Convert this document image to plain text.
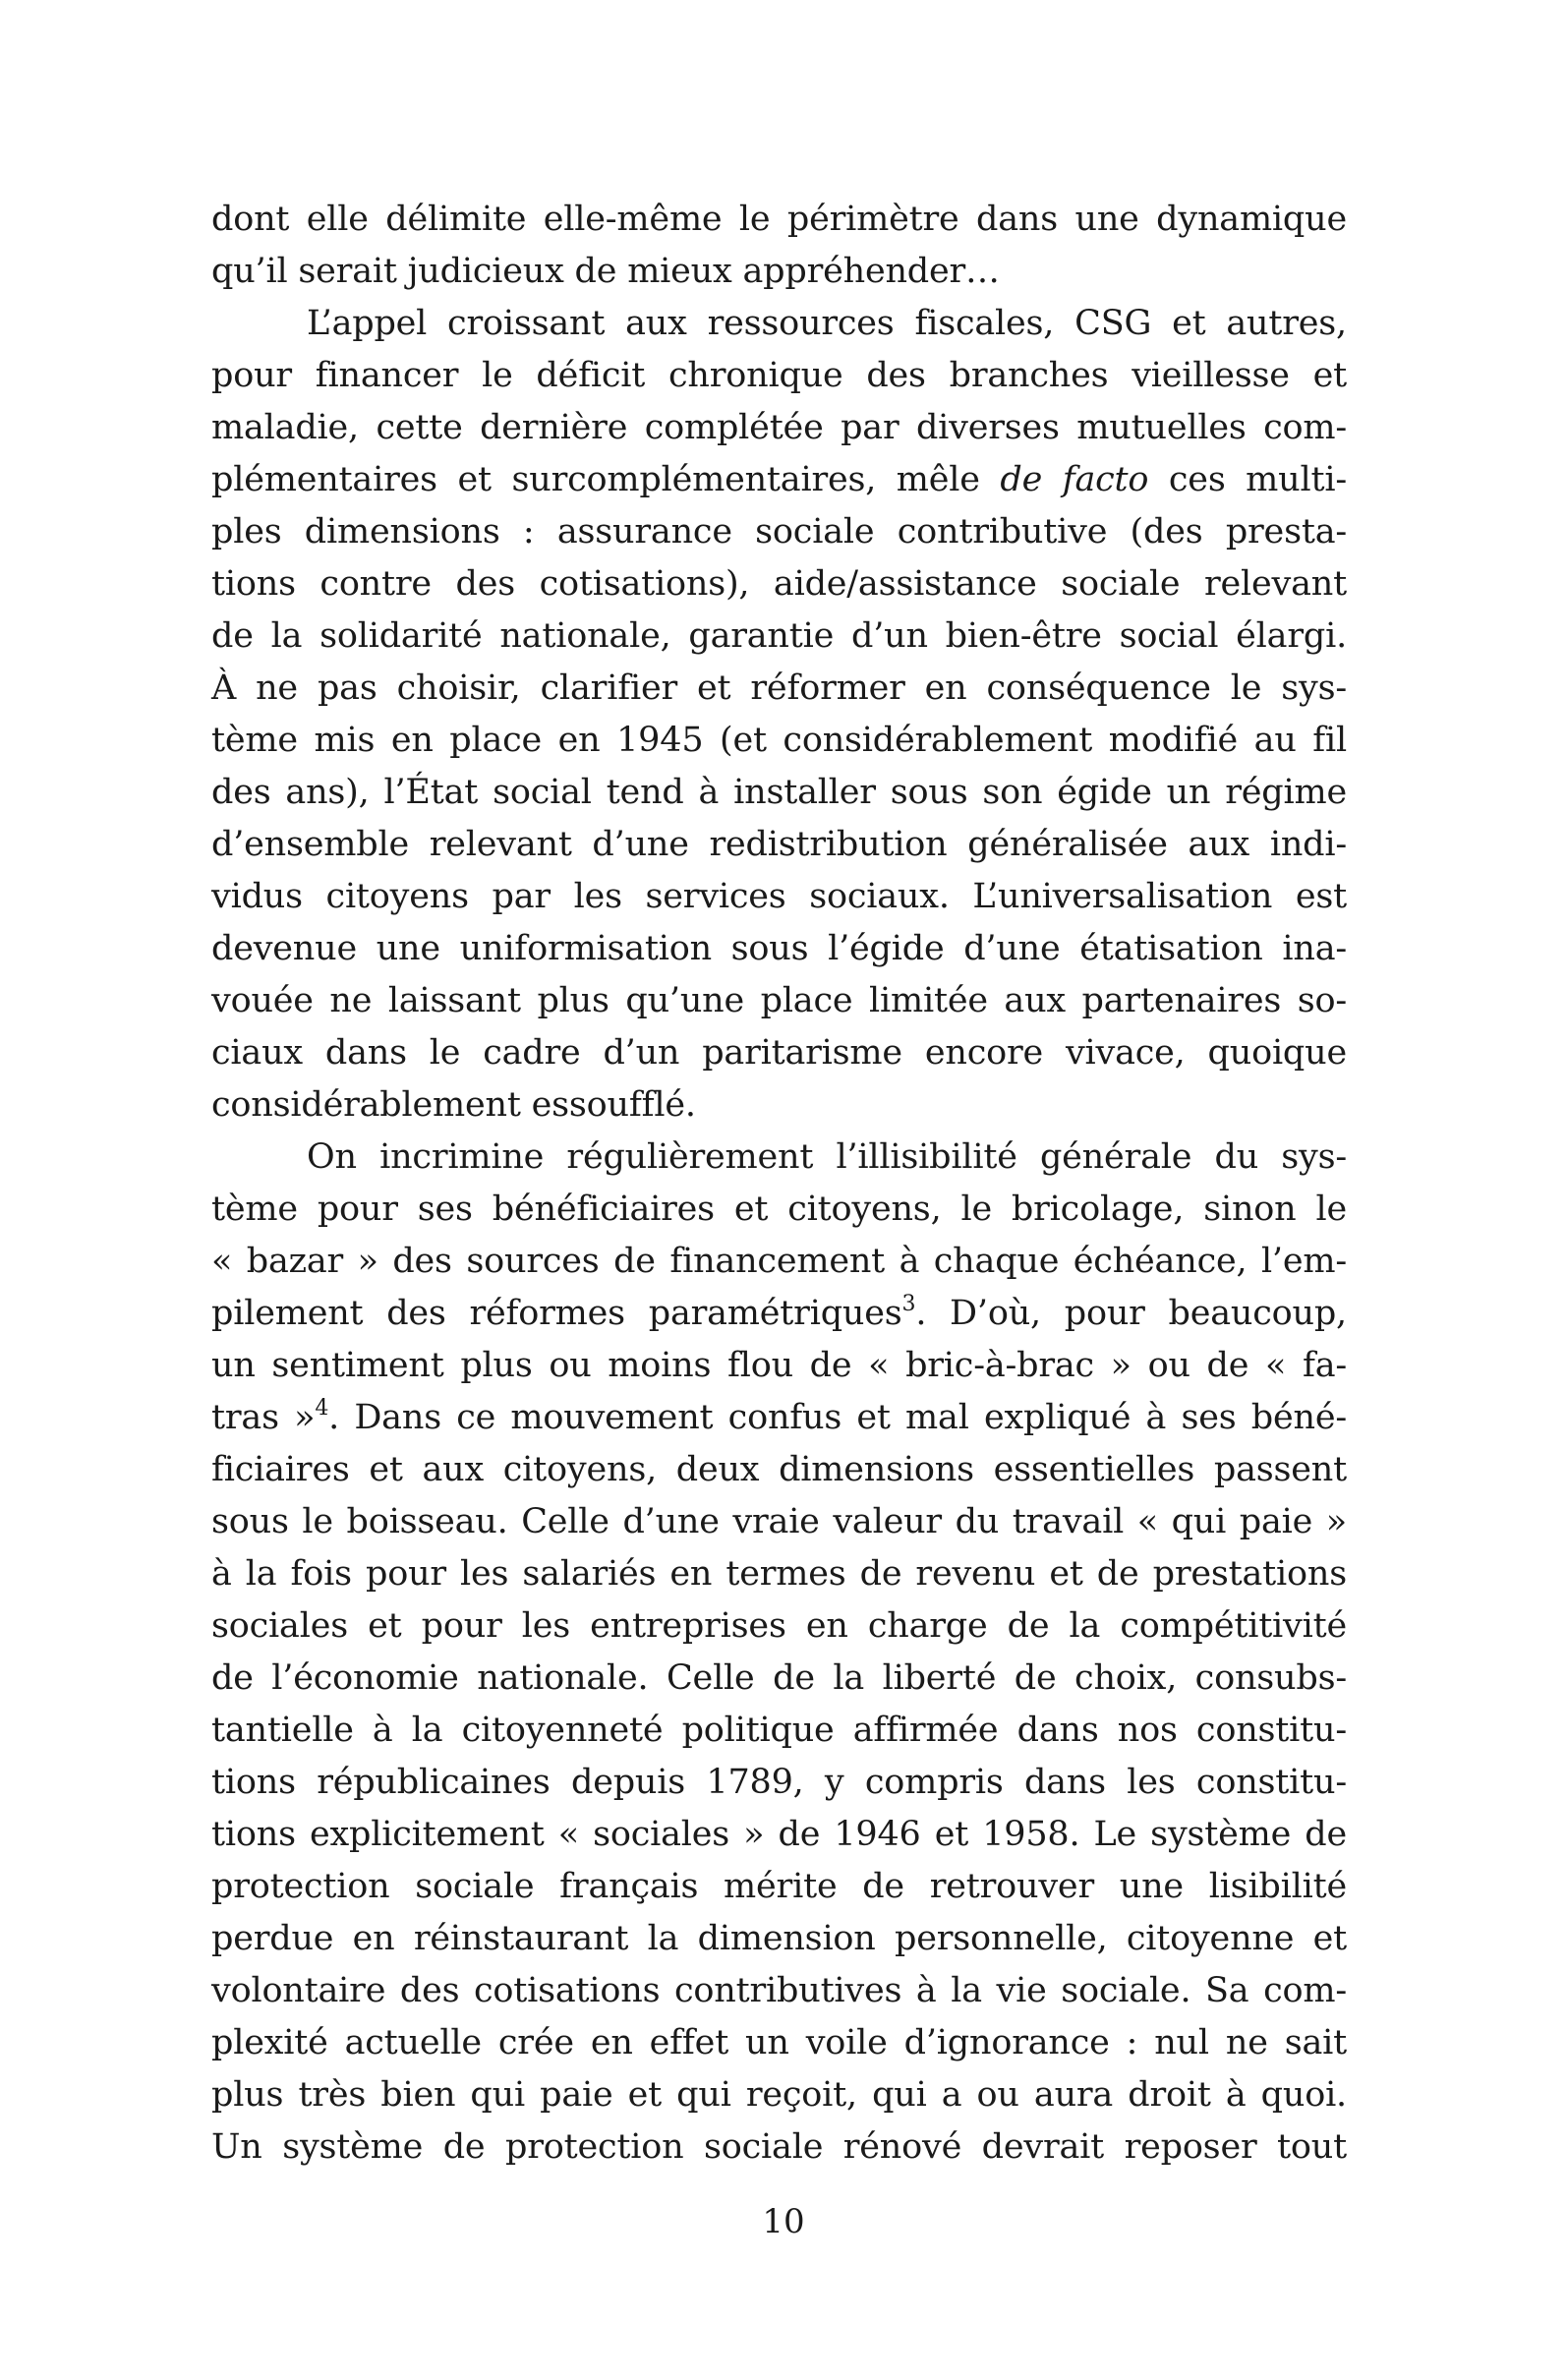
dont elle délimite elle-même le périmètre dans une dynamique
qu’il serait judicieux de mieux appréhender…
L’appel croissant aux ressources fiscales, CSG et autres,
pour financer le déficit chronique des branches vieillesse et
maladie, cette dernière complétée par diverses mutuelles com-
plémentaires et surcomplémentaires, mêle de facto ces multi-
ples dimensions : assurance sociale contributive (des presta-
tions contre des cotisations), aide/assistance sociale relevant
de la solidarité nationale, garantie d’un bien-être social élargi.
À ne pas choisir, clarifier et réformer en conséquence le sys-
tème mis en place en 1945 (et considérablement modifié au fil
des ans), l’État social tend à installer sous son égide un régime
d’ensemble relevant d’une redistribution généralisée aux indi-
vidus citoyens par les services sociaux. L’universalisation est
devenue une uniformisation sous l’égide d’une étatisation ina-
vouée ne laissant plus qu’une place limitée aux partenaires so-
ciaux dans le cadre d’un paritarisme encore vivace, quoique
considérablement essoufflé.
On incrimine régulièrement l’illisibilité générale du sys-
tème pour ses bénéficiaires et citoyens, le bricolage, sinon le
« bazar » des sources de financement à chaque échéance, l’em-
pilement des réformes paramétriques$^3$. D’où, pour beaucoup,
un sentiment plus ou moins flou de « bric-à-brac » ou de « fa-
tras »$^4$. Dans ce mouvement confus et mal expliqué à ses béné-
ficiaires et aux citoyens, deux dimensions essentielles passent
sous le boisseau. Celle d’une vraie valeur du travail « qui paie »
à la fois pour les salariés en termes de revenu et de prestations
sociales et pour les entreprises en charge de la compétitivité
de l’économie nationale. Celle de la liberté de choix, consubs-
tantielle à la citoyenneté politique affirmée dans nos constitu-
tions républicaines depuis 1789, y compris dans les constitu-
tions explicitement « sociales » de 1946 et 1958. Le système de
protection sociale français mérite de retrouver une lisibilité
perdue en réinstaurant la dimension personnelle, citoyenne et
volontaire des cotisations contributives à la vie sociale. Sa com-
plexité actuelle crée en effet un voile d’ignorance : nul ne sait
plus très bien qui paie et qui reçoit, qui a ou aura droit à quoi.
Un système de protection sociale rénové devrait reposer tout
10
